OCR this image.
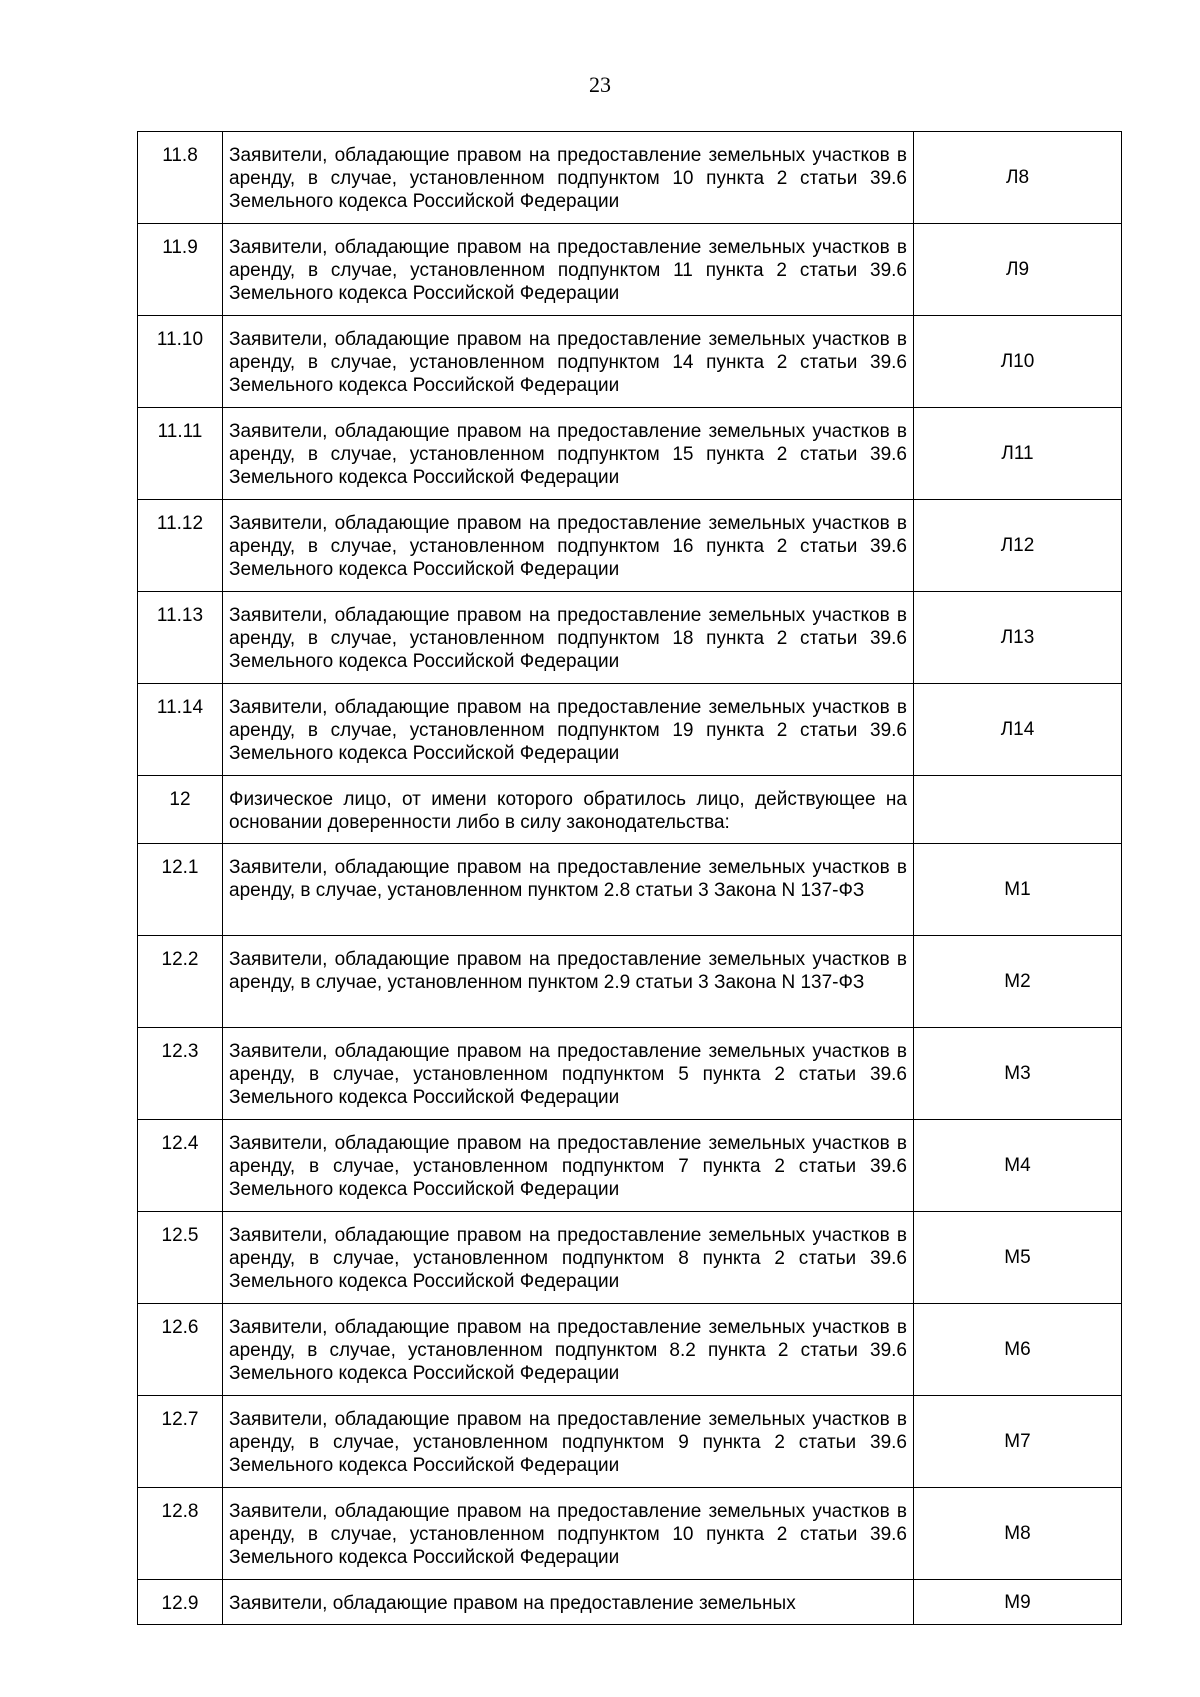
23
11.8	Заявители, обладающие правом на предоставление земельных участков в аренду, в случае, установленном подпунктом 10 пункта 2 статьи 39.6 Земельного кодекса Российской Федерации	Л8
11.9	Заявители, обладающие правом на предоставление земельных участков в аренду, в случае, установленном подпунктом 11 пункта 2 статьи 39.6 Земельного кодекса Российской Федерации	Л9
11.10	Заявители, обладающие правом на предоставление земельных участков в аренду, в случае, установленном подпунктом 14 пункта 2 статьи 39.6 Земельного кодекса Российской Федерации	Л10
11.11	Заявители, обладающие правом на предоставление земельных участков в аренду, в случае, установленном подпунктом 15 пункта 2 статьи 39.6 Земельного кодекса Российской Федерации	Л11
11.12	Заявители, обладающие правом на предоставление земельных участков в аренду, в случае, установленном подпунктом 16 пункта 2 статьи 39.6 Земельного кодекса Российской Федерации	Л12
11.13	Заявители, обладающие правом на предоставление земельных участков в аренду, в случае, установленном подпунктом 18 пункта 2 статьи 39.6 Земельного кодекса Российской Федерации	Л13
11.14	Заявители, обладающие правом на предоставление земельных участков в аренду, в случае, установленном подпунктом 19 пункта 2 статьи 39.6 Земельного кодекса Российской Федерации	Л14
12	Физическое лицо, от имени которого обратилось лицо, действующее на основании доверенности либо в силу законодательства:	
12.1	Заявители, обладающие правом на предоставление земельных участков в аренду, в случае, установленном пунктом 2.8 статьи 3 Закона N 137-ФЗ	М1
12.2	Заявители, обладающие правом на предоставление земельных участков в аренду, в случае, установленном пунктом 2.9 статьи 3 Закона N 137-ФЗ	М2
12.3	Заявители, обладающие правом на предоставление земельных участков в аренду, в случае, установленном подпунктом 5 пункта 2 статьи 39.6 Земельного кодекса Российской Федерации	М3
12.4	Заявители, обладающие правом на предоставление земельных участков в аренду, в случае, установленном подпунктом 7 пункта 2 статьи 39.6 Земельного кодекса Российской Федерации	М4
12.5	Заявители, обладающие правом на предоставление земельных участков в аренду, в случае, установленном подпунктом 8 пункта 2 статьи 39.6 Земельного кодекса Российской Федерации	М5
12.6	Заявители, обладающие правом на предоставление земельных участков в аренду, в случае, установленном подпунктом 8.2 пункта 2 статьи 39.6 Земельного кодекса Российской Федерации	М6
12.7	Заявители, обладающие правом на предоставление земельных участков в аренду, в случае, установленном подпунктом 9 пункта 2 статьи 39.6 Земельного кодекса Российской Федерации	М7
12.8	Заявители, обладающие правом на предоставление земельных участков в аренду, в случае, установленном подпунктом 10 пункта 2 статьи 39.6 Земельного кодекса Российской Федерации	М8
12.9	Заявители, обладающие правом на предоставление земельных	М9
